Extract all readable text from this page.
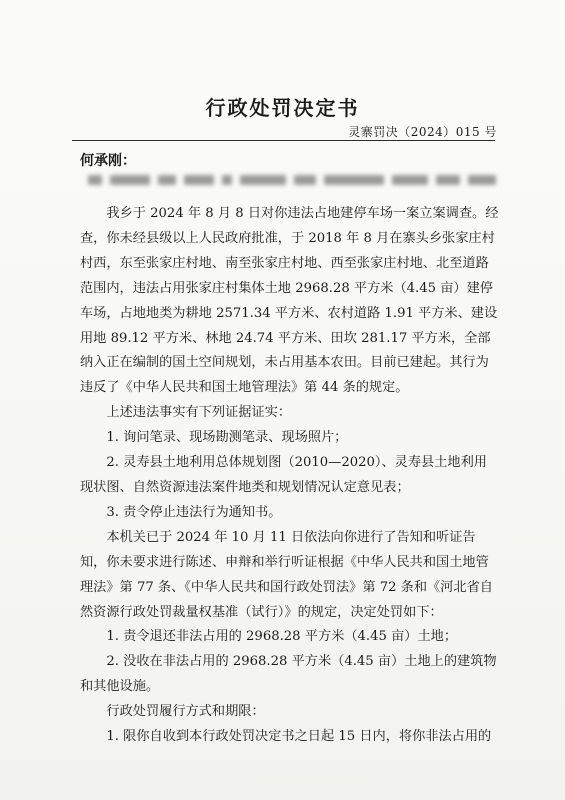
行政处罚决定书
灵寨罚决（2024）015 号
何承刚：

我乡于 2024 年 8 月 8 日对你违法占地建停车场一案立案调查。经查，你未经县级以上人民政府批准，于 2018 年 8 月在寨头乡张家庄村村西，东至张家庄村地、南至张家庄村地、西至张家庄村地、北至道路范围内，违法占用张家庄村集体土地 2968.28 平方米（4.45 亩）建停车场，占地地类为耕地 2571.34 平方米、农村道路 1.91 平方米、建设用地 89.12 平方米、林地 24.74 平方米、田坎 281.17 平方米，全部纳入正在编制的国土空间规划，未占用基本农田。目前已建起。其行为违反了《中华人民共和国土地管理法》第 44 条的规定。

上述违法事实有下列证据证实：

1. 询问笔录、现场勘测笔录、现场照片；

2. 灵寿县土地利用总体规划图（2010—2020）、灵寿县土地利用现状图、自然资源违法案件地类和规划情况认定意见表；

3. 责令停止违法行为通知书。

本机关已于 2024 年 10 月 11 日依法向你进行了告知和听证告知，你未要求进行陈述、申辩和举行听证根据《中华人民共和国土地管理法》第 77 条、《中华人民共和国行政处罚法》第 72 条和《河北省自然资源行政处罚裁量权基准（试行）》的规定，决定处罚如下：

1. 责令退还非法占用的 2968.28 平方米（4.45 亩）土地；

2. 没收在非法占用的 2968.28 平方米（4.45 亩）土地上的建筑物和其他设施。

行政处罚履行方式和期限：

1. 限你自收到本行政处罚决定书之日起 15 日内，将你非法占用的
